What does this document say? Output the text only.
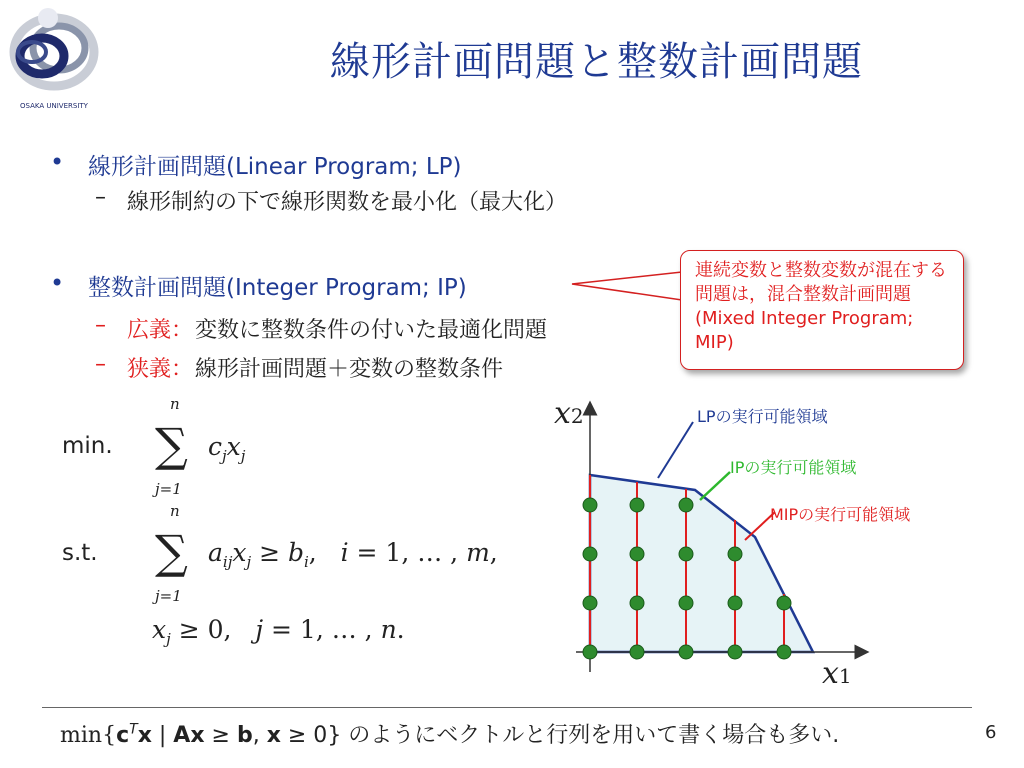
OSAKA UNIVERSITY
線形計画問題と整数計画問題
• 線形計画問題(Linear Program; LP)
– 線形制約の下で線形関数を最小化（最大化）
• 整数計画問題(Integer Program; IP)
– 広義： 変数に整数条件の付いた最適化問題
– 狭義： 線形計画問題＋変数の整数条件
連続変数と整数変数が混在する問題は，混合整数計画問題(Mixed Integer Program; MIP)
min.
n
∑
j=1
$c_jx_j$
s.t.
n
∑
j=1
$a_{ij}x_j \ge b_i$,   i = 1, … , m,
$x_j \ge 0$,   j = 1, … , n.
x2
x1
LPの実行可能領域
IPの実行可能領域
MIPの実行可能領域
$\min\{c^Tx$ | Ax ≥ b, x ≥ 0} のようにベクトルと行列を用いて書く場合も多い.	6
